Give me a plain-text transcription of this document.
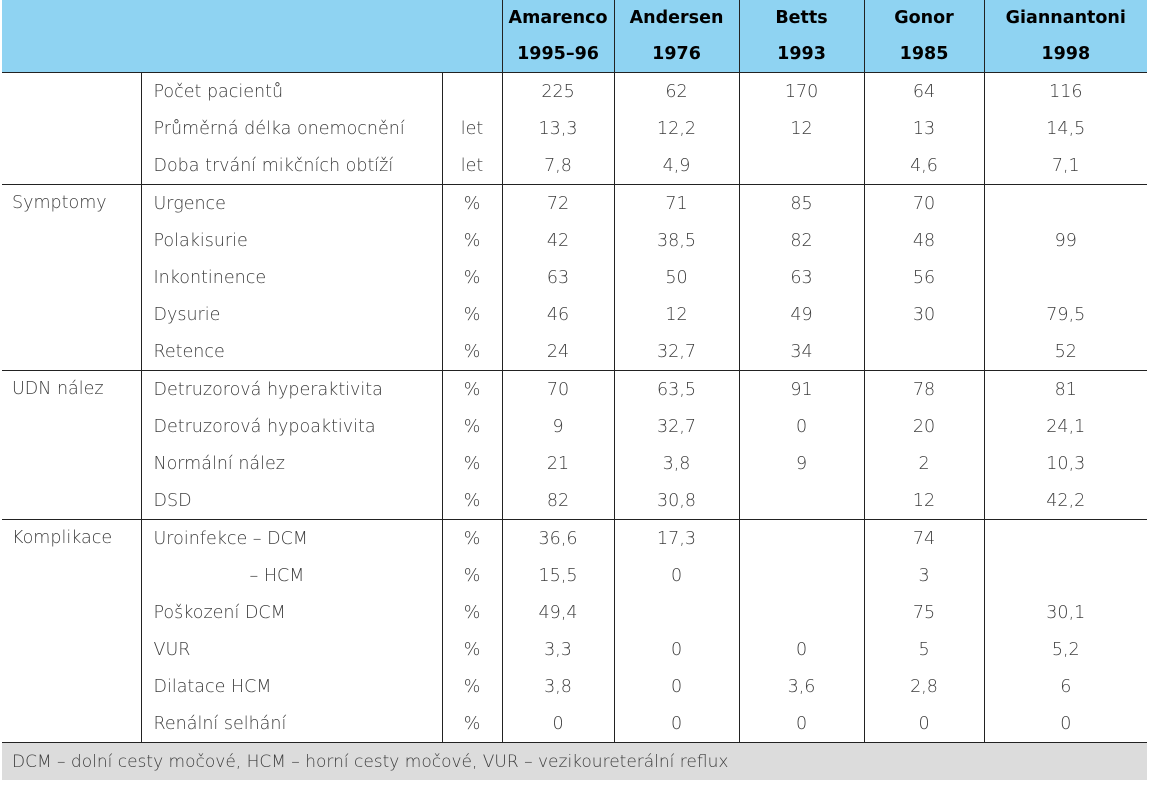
			Amarenco	Andersen	Betts	Gonor	Giannantoni
			1995–96	1976	1993	1985	1998
	Počet pacientů		225	62	170	64	116
	Průměrná délka onemocnění	let	13,3	12,2	12	13	14,5
	Doba trvání mikčních obtíží	let	7,8	4,9		4,6	7,1
Symptomy	Urgence	%	72	71	85	70	
	Polakisurie	%	42	38,5	82	48	99
	Inkontinence	%	63	50	63	56	
	Dysurie	%	46	12	49	30	79,5
	Retence	%	24	32,7	34		52
UDN nález	Detruzorová hyperaktivita	%	70	63,5	91	78	81
	Detruzorová hypoaktivita	%	9	32,7	0	20	24,1
	Normální nález	%	21	3,8	9	2	10,3
	DSD	%	82	30,8		12	42,2
Komplikace	Uroinfekce – DCM	%	36,6	17,3		74	
	– HCM	%	15,5	0		3	
	Poškození DCM	%	49,4			75	30,1
	VUR	%	3,3	0	0	5	5,2
	Dilatace HCM	%	3,8	0	3,6	2,8	6
	Renální selhání	%	0	0	0	0	0
DCM – dolní cesty močové, HCM – horní cesty močové, VUR – vezikoureterální reflux							
